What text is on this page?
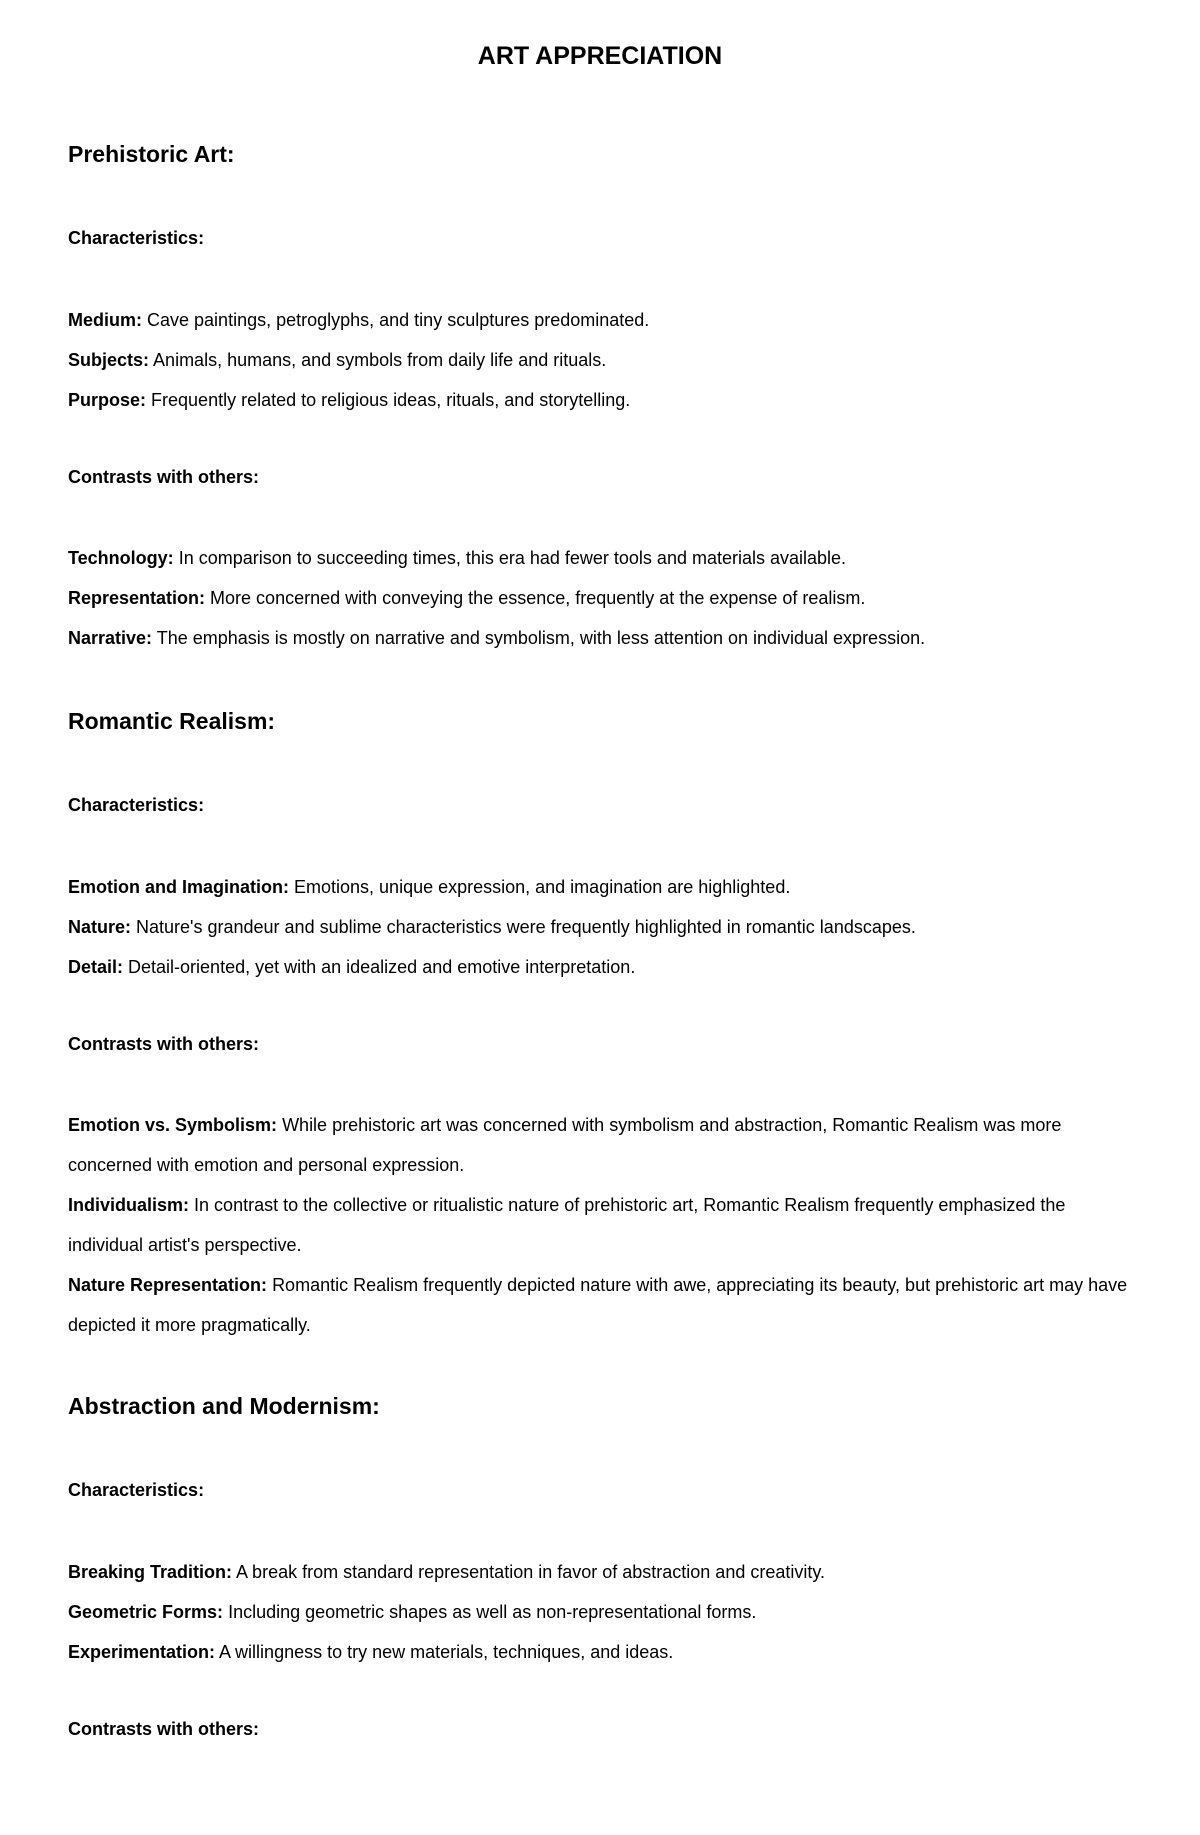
ART APPRECIATION
Prehistoric Art:
Characteristics:

Medium: Cave paintings, petroglyphs, and tiny sculptures predominated.

Subjects: Animals, humans, and symbols from daily life and rituals.

Purpose: Frequently related to religious ideas, rituals, and storytelling.

Contrasts with others:

Technology: In comparison to succeeding times, this era had fewer tools and materials available.

Representation: More concerned with conveying the essence, frequently at the expense of realism.

Narrative: The emphasis is mostly on narrative and symbolism, with less attention on individual expression.

Romantic Realism:
Characteristics:

Emotion and Imagination: Emotions, unique expression, and imagination are highlighted.

Nature: Nature's grandeur and sublime characteristics were frequently highlighted in romantic landscapes.

Detail: Detail-oriented, yet with an idealized and emotive interpretation.

Contrasts with others:

Emotion vs. Symbolism: While prehistoric art was concerned with symbolism and abstraction, Romantic Realism was more concerned with emotion and personal expression.

Individualism: In contrast to the collective or ritualistic nature of prehistoric art, Romantic Realism frequently emphasized the individual artist's perspective.

Nature Representation: Romantic Realism frequently depicted nature with awe, appreciating its beauty, but prehistoric art may have depicted it more pragmatically.

Abstraction and Modernism:
Characteristics:

Breaking Tradition: A break from standard representation in favor of abstraction and creativity.

Geometric Forms: Including geometric shapes as well as non-representational forms.

Experimentation: A willingness to try new materials, techniques, and ideas.

Contrasts with others:
